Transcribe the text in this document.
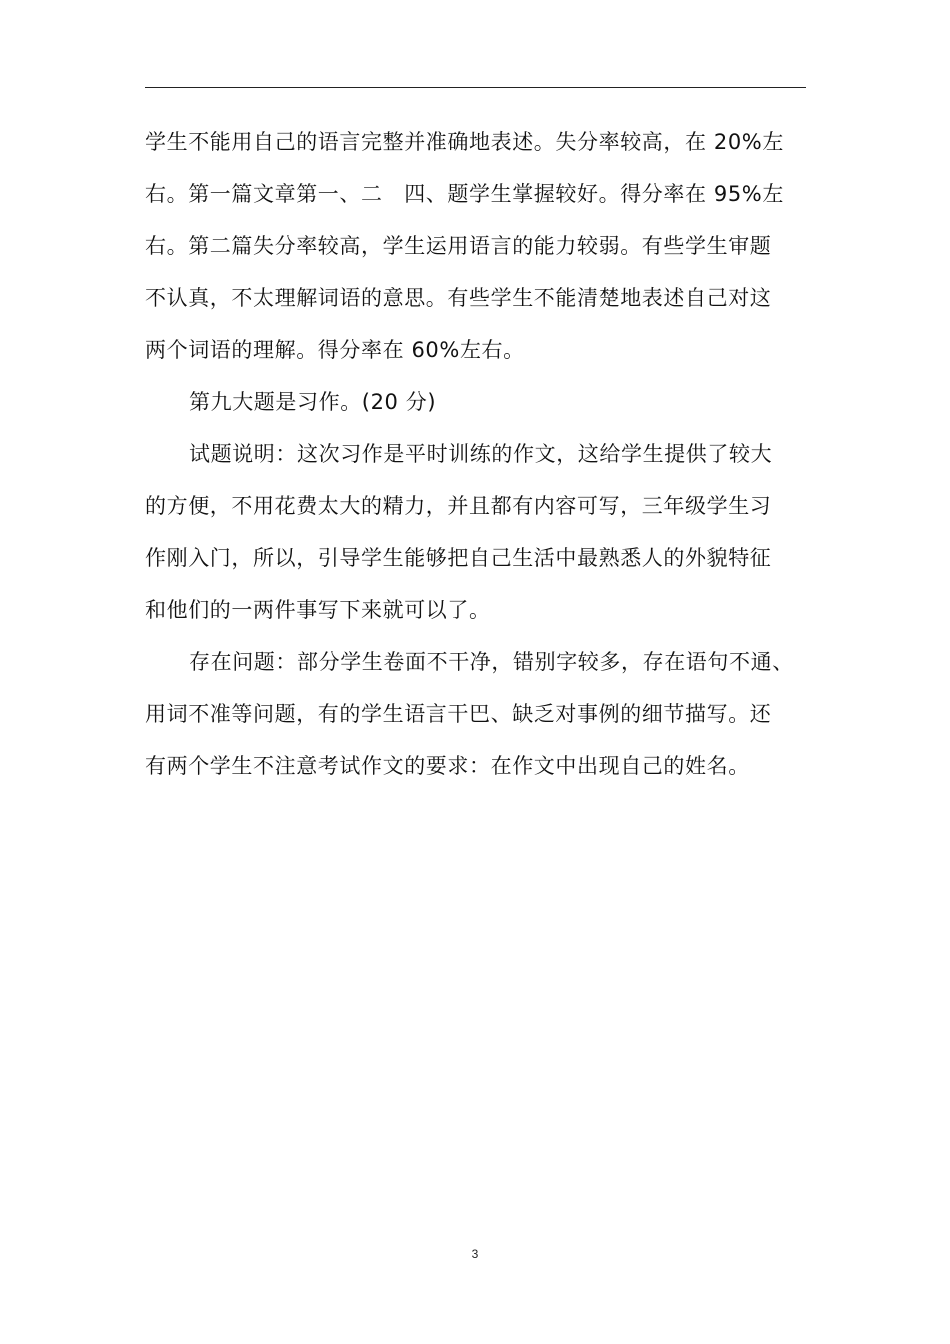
学生不能用自己的语言完整并准确地表述。失分率较高，在 20%左
右。第一篇文章第一、二　四、题学生掌握较好。得分率在 95%左
右。第二篇失分率较高，学生运用语言的能力较弱。有些学生审题
不认真，不太理解词语的意思。有些学生不能清楚地表述自己对这
两个词语的理解。得分率在 60%左右。

第九大题是习作。(20 分)

试题说明：这次习作是平时训练的作文，这给学生提供了较大
的方便，不用花费太大的精力，并且都有内容可写，三年级学生习
作刚入门，所以，引导学生能够把自己生活中最熟悉人的外貌特征
和他们的一两件事写下来就可以了。

存在问题：部分学生卷面不干净，错别字较多，存在语句不通、
用词不准等问题，有的学生语言干巴、缺乏对事例的细节描写。还
有两个学生不注意考试作文的要求：在作文中出现自己的姓名。

3
